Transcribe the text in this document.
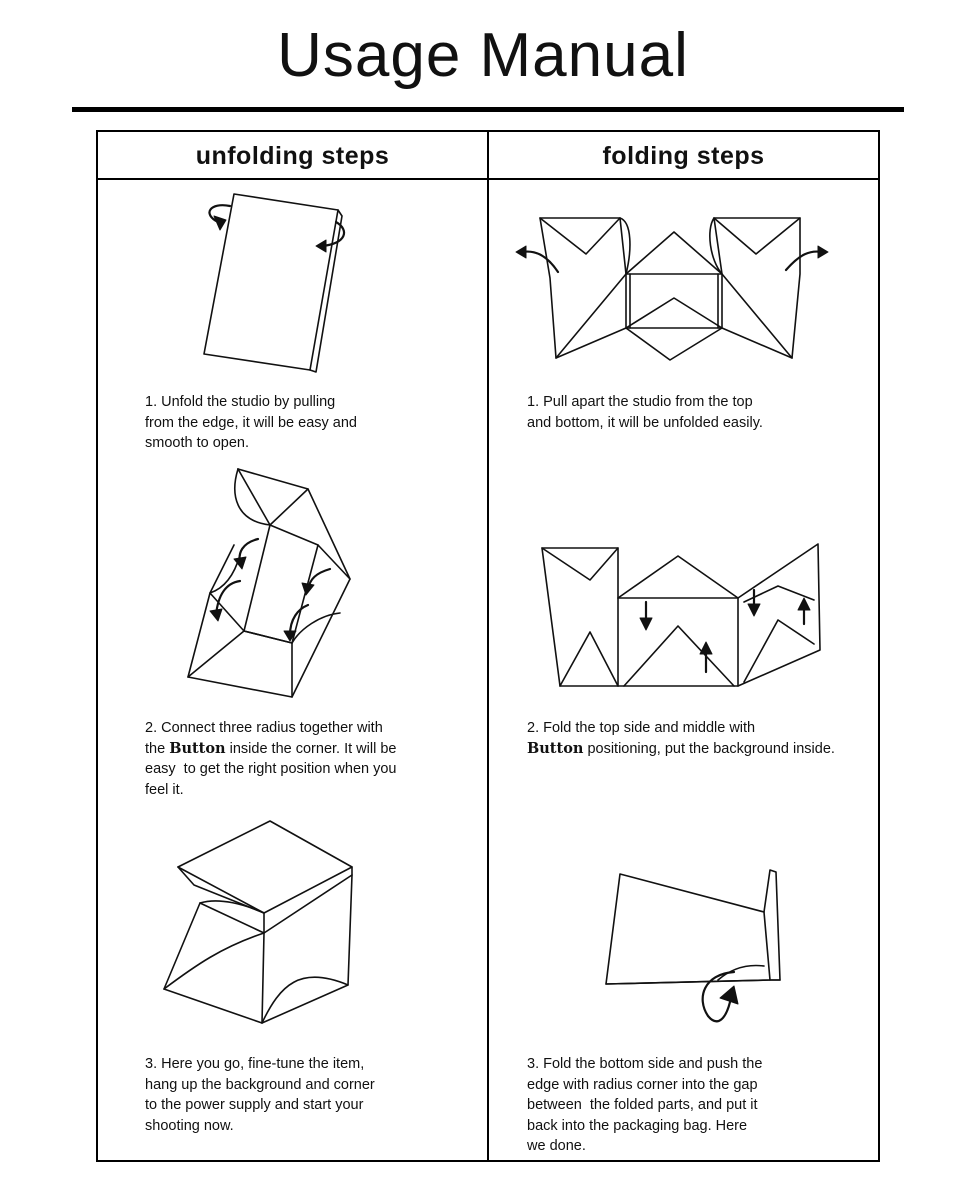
Usage Manual
unfolding steps	folding steps
1. Unfold the studio by pulling
from the edge, it will be easy and
smooth to open.
2. Connect three radius together with
the Button inside the corner. It will be
easy  to get the right position when you
feel it.
3. Here you go, fine-tune the item,
hang up the background and corner
to the power supply and start your
shooting now.
1. Pull apart the studio from the top
and bottom, it will be unfolded easily.
2. Fold the top side and middle with
Button positioning, put the background inside.
3. Fold the bottom side and push the
edge with radius corner into the gap
between  the folded parts, and put it
back into the packaging bag. Here
we done.
